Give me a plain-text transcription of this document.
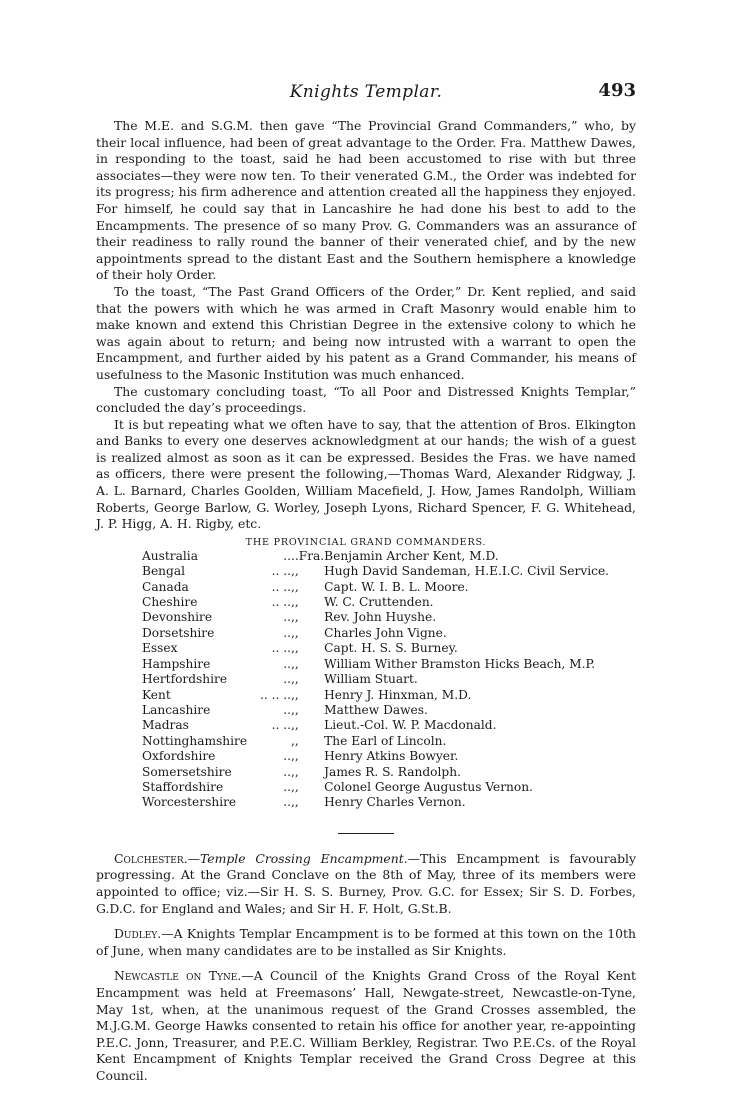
Knights Templar.	493

The M.E. and S.G.M. then gave “The Provincial Grand Commanders,” who, by their local influence, had been of great advantage to the Order. Fra. Matthew Dawes, in responding to the toast, said he had been accustomed to rise with but three associates—they were now ten. To their venerated G.M., the Order was indebted for its progress; his firm adherence and attention created all the happiness they enjoyed. For himself, he could say that in Lancashire he had done his best to add to the Encampments. The presence of so many Prov. G. Commanders was an assurance of their readiness to rally round the banner of their venerated chief, and by the new appointments spread to the distant East and the Southern hemisphere a knowledge of their holy Order.

To the toast, “The Past Grand Officers of the Order,” Dr. Kent replied, and said that the powers with which he was armed in Craft Masonry would enable him to make known and extend this Christian Degree in the extensive colony to which he was again about to return; and being now intrusted with a warrant to open the Encampment, and further aided by his patent as a Grand Commander, his means of usefulness to the Masonic Institution was much enhanced.

The customary concluding toast, “To all Poor and Distressed Knights Templar,” concluded the day’s proceedings.

It is but repeating what we often have to say, that the attention of Bros. Elkington and Banks to every one deserves acknowledgment at our hands; the wish of a guest is realized almost as soon as it can be expressed. Besides the Fras. we have named as officers, there were present the following,—Thomas Ward, Alexander Ridgway, J. A. L. Barnard, Charles Goolden, William Macefield, J. How, James Randolph, William Roberts, George Barlow, G. Worley, Joseph Lyons, Richard Spencer, F. G. Whitehead, J. P. Higg, A. H. Rigby, etc.

THE PROVINCIAL GRAND COMMANDERS.
Australia	..	..Fra.	Benjamin Archer Kent, M.D.
Bengal	.. ..	,,	Hugh David Sandeman, H.E.I.C. Civil Service.
Canada	.. ..	,,	Capt. W. I. B. L. Moore.
Cheshire	.. ..	,,	W. C. Cruttenden.
Devonshire	..	,,	Rev. John Huyshe.
Dorsetshire	..	,,	Charles John Vigne.
Essex	.. ..	,,	Capt. H. S. S. Burney.
Hampshire	..	,,	William Wither Bramston Hicks Beach, M.P.
Hertfordshire	..	,,	William Stuart.
Kent	.. .. ..	,,	Henry J. Hinxman, M.D.
Lancashire	..	,,	Matthew Dawes.
Madras	.. ..	,,	Lieut.-Col. W. P. Macdonald.
Nottinghamshire		,,	The Earl of Lincoln.
Oxfordshire	..	,,	Henry Atkins Bowyer.
Somersetshire	..	,,	James R. S. Randolph.
Staffordshire	..	,,	Colonel George Augustus Vernon.
Worcestershire	..	,,	Henry Charles Vernon.

Colchester.—Temple Crossing Encampment.—This Encampment is favourably progressing. At the Grand Conclave on the 8th of May, three of its members were appointed to office; viz.—Sir H. S. S. Burney, Prov. G.C. for Essex; Sir S. D. Forbes, G.D.C. for England and Wales; and Sir H. F. Holt, G.St.B.

Dudley.—A Knights Templar Encampment is to be formed at this town on the 10th of June, when many candidates are to be installed as Sir Knights.

Newcastle on Tyne.—A Council of the Knights Grand Cross of the Royal Kent Encampment was held at Freemasons’ Hall, Newgate-street, Newcastle-on-Tyne, May 1st, when, at the unanimous request of the Grand Crosses assembled, the M.J.G.M. George Hawks consented to retain his office for another year, re-appointing P.E.C. Jonn, Treasurer, and P.E.C. William Berkley, Registrar. Two P.E.Cs. of the Royal Kent Encampment of Knights Templar received the Grand Cross Degree at this Council.
